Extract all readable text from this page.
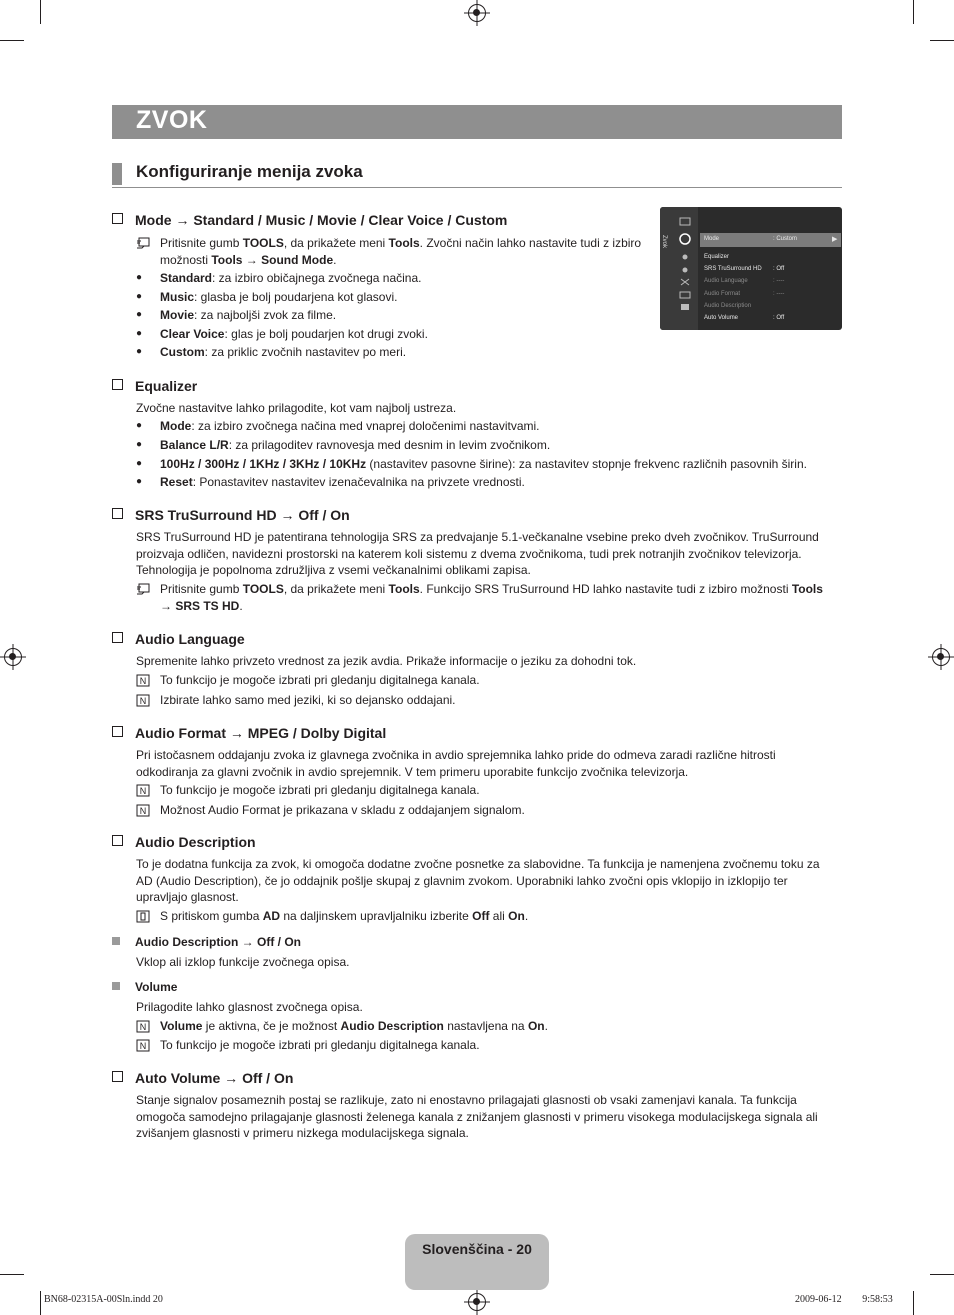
ZVOK
Konfiguriranje menija zvoka
Zvok	Mode	: Custom	▶
Equalizer
SRS TruSurround HD : Off
Audio Language	: ----
Audio Format	: ----
Audio Description
Auto Volume	: Off
Mode → Standard / Music / Movie / Clear Voice / Custom
Pritisnite gumb TOOLS, da prikažete meni Tools. Zvočni način lahko nastavite tudi z izbiro možnosti Tools → Sound Mode.
● Standard: za izbiro običajnega zvočnega načina.
● Music: glasba je bolj poudarjena kot glasovi.
● Movie: za najboljši zvok za filme.
● Clear Voice: glas je bolj poudarjen kot drugi zvoki.
● Custom: za priklic zvočnih nastavitev po meri.
Equalizer
Zvočne nastavitve lahko prilagodite, kot vam najbolj ustreza.
● Mode: za izbiro zvočnega načina med vnaprej določenimi nastavitvami.
● Balance L/R: za prilagoditev ravnovesja med desnim in levim zvočnikom.
● 100Hz / 300Hz / 1KHz / 3KHz / 10KHz (nastavitev pasovne širine): za nastavitev stopnje frekvenc različnih pasovnih širin.
● Reset: Ponastavitev nastavitev izenačevalnika na privzete vrednosti.
SRS TruSurround HD → Off / On
SRS TruSurround HD je patentirana tehnologija SRS za predvajanje 5.1-večkanalne vsebine preko dveh zvočnikov. TruSurround proizvaja odličen, navidezni prostorski na katerem koli sistemu z dvema zvočnikoma, tudi prek notranjih zvočnikov televizorja. Tehnologija je popolnoma združljiva z vsemi večkanalnimi oblikami zapisa.
Pritisnite gumb TOOLS, da prikažete meni Tools. Funkcijo SRS TruSurround HD lahko nastavite tudi z izbiro možnosti Tools → SRS TS HD.
Audio Language
Spremenite lahko privzeto vrednost za jezik avdia. Prikaže informacije o jeziku za dohodni tok.
N To funkcijo je mogoče izbrati pri gledanju digitalnega kanala.
N Izbirate lahko samo med jeziki, ki so dejansko oddajani.
Audio Format → MPEG / Dolby Digital
Pri istočasnem oddajanju zvoka iz glavnega zvočnika in avdio sprejemnika lahko pride do odmeva zaradi različne hitrosti odkodiranja za glavni zvočnik in avdio sprejemnik. V tem primeru uporabite funkcijo zvočnika televizorja.
N To funkcijo je mogoče izbrati pri gledanju digitalnega kanala.
N Možnost Audio Format je prikazana v skladu z oddajanjem signalom.
Audio Description
To je dodatna funkcija za zvok, ki omogoča dodatne zvočne posnetke za slabovidne. Ta funkcija je namenjena zvočnemu toku za AD (Audio Description), če jo oddajnik pošlje skupaj z glavnim zvokom. Uporabniki lahko zvočni opis vklopijo in izklopijo ter upravljajo glasnost.
S pritiskom gumba AD na daljinskem upravljalniku izberite Off ali On.
Audio Description → Off / On
Vklop ali izklop funkcije zvočnega opisa.
Volume
Prilagodite lahko glasnost zvočnega opisa.
N Volume je aktivna, če je možnost Audio Description nastavljena na On.
N To funkcijo je mogoče izbrati pri gledanju digitalnega kanala.
Auto Volume → Off / On
Stanje signalov posameznih postaj se razlikuje, zato ni enostavno prilagajati glasnosti ob vsaki zamenjavi kanala. Ta funkcija omogoča samodejno prilagajanje glasnosti želenega kanala z znižanjem glasnosti v primeru visokega modulacijskega signala ali zvišanjem glasnosti v primeru nizkega modulacijskega signala.
Slovenščina - 20
BN68-02315A-00Sln.indd 20	2009-06-12 ￿￿ 9:58:53
